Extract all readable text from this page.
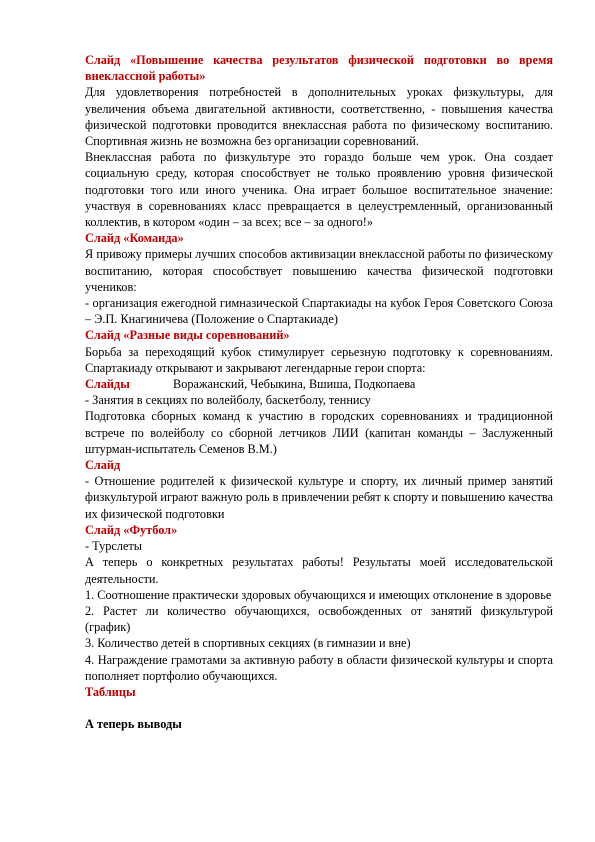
Слайд «Повышение качества результатов физической подготовки во время внеклассной работы»

Для удовлетворения потребностей в дополнительных уроках физкультуры, для увеличения объема двигательной активности, соответственно, - повышения качества физической подготовки проводится внеклассная работа по физическому воспитанию. Спортивная жизнь не возможна без организации соревнований.

Внеклассная работа по физкультуре это гораздо больше чем урок. Она создает социальную среду, которая способствует не только проявлению уровня физической подготовки того или иного ученика. Она играет большое воспитательное значение: участвуя в соревнованиях класс превращается в целеустремленный, организованный коллектив, в котором «один – за всех; все – за одного!»

Слайд «Команда»

Я привожу примеры лучших способов активизации внеклассной работы по физическому воспитанию, которая способствует повышению качества физической подготовки учеников:

- организация ежегодной гимназической Спартакиады на кубок Героя Советского Союза – Э.П. Кнагиничева (Положение о Спартакиаде)

Слайд «Разные виды соревнований»

Борьба за переходящий кубок стимулирует серьезную подготовку к соревнованиям. Спартакиаду открывают и закрывают легендарные герои спорта:

Слайды	Воражанский, Чебыкина, Вшиша, Подкопаева

- Занятия в секциях по волейболу, баскетболу, теннису

Подготовка сборных команд к участию в городских соревнованиях и традиционной встрече по волейболу со сборной летчиков ЛИИ (капитан команды – Заслуженный штурман-испытатель Семенов В.М.)

Слайд

- Отношение родителей к физической культуре и спорту, их личный пример занятий физкультурой играют важную роль в привлечении ребят к спорту и повышению качества их физической подготовки

Слайд «Футбол»

- Турслеты

А теперь о конкретных результатах работы! Результаты моей исследовательской деятельности.

1. Соотношение практически здоровых обучающихся и имеющих отклонение в здоровье

2. Растет ли количество обучающихся, освобожденных от занятий физкультурой (график)

3. Количество детей в спортивных секциях (в гимназии и вне)

4. Награждение грамотами за активную работу в области физической культуры и спорта пополняет портфолио обучающихся.

Таблицы

А теперь выводы
